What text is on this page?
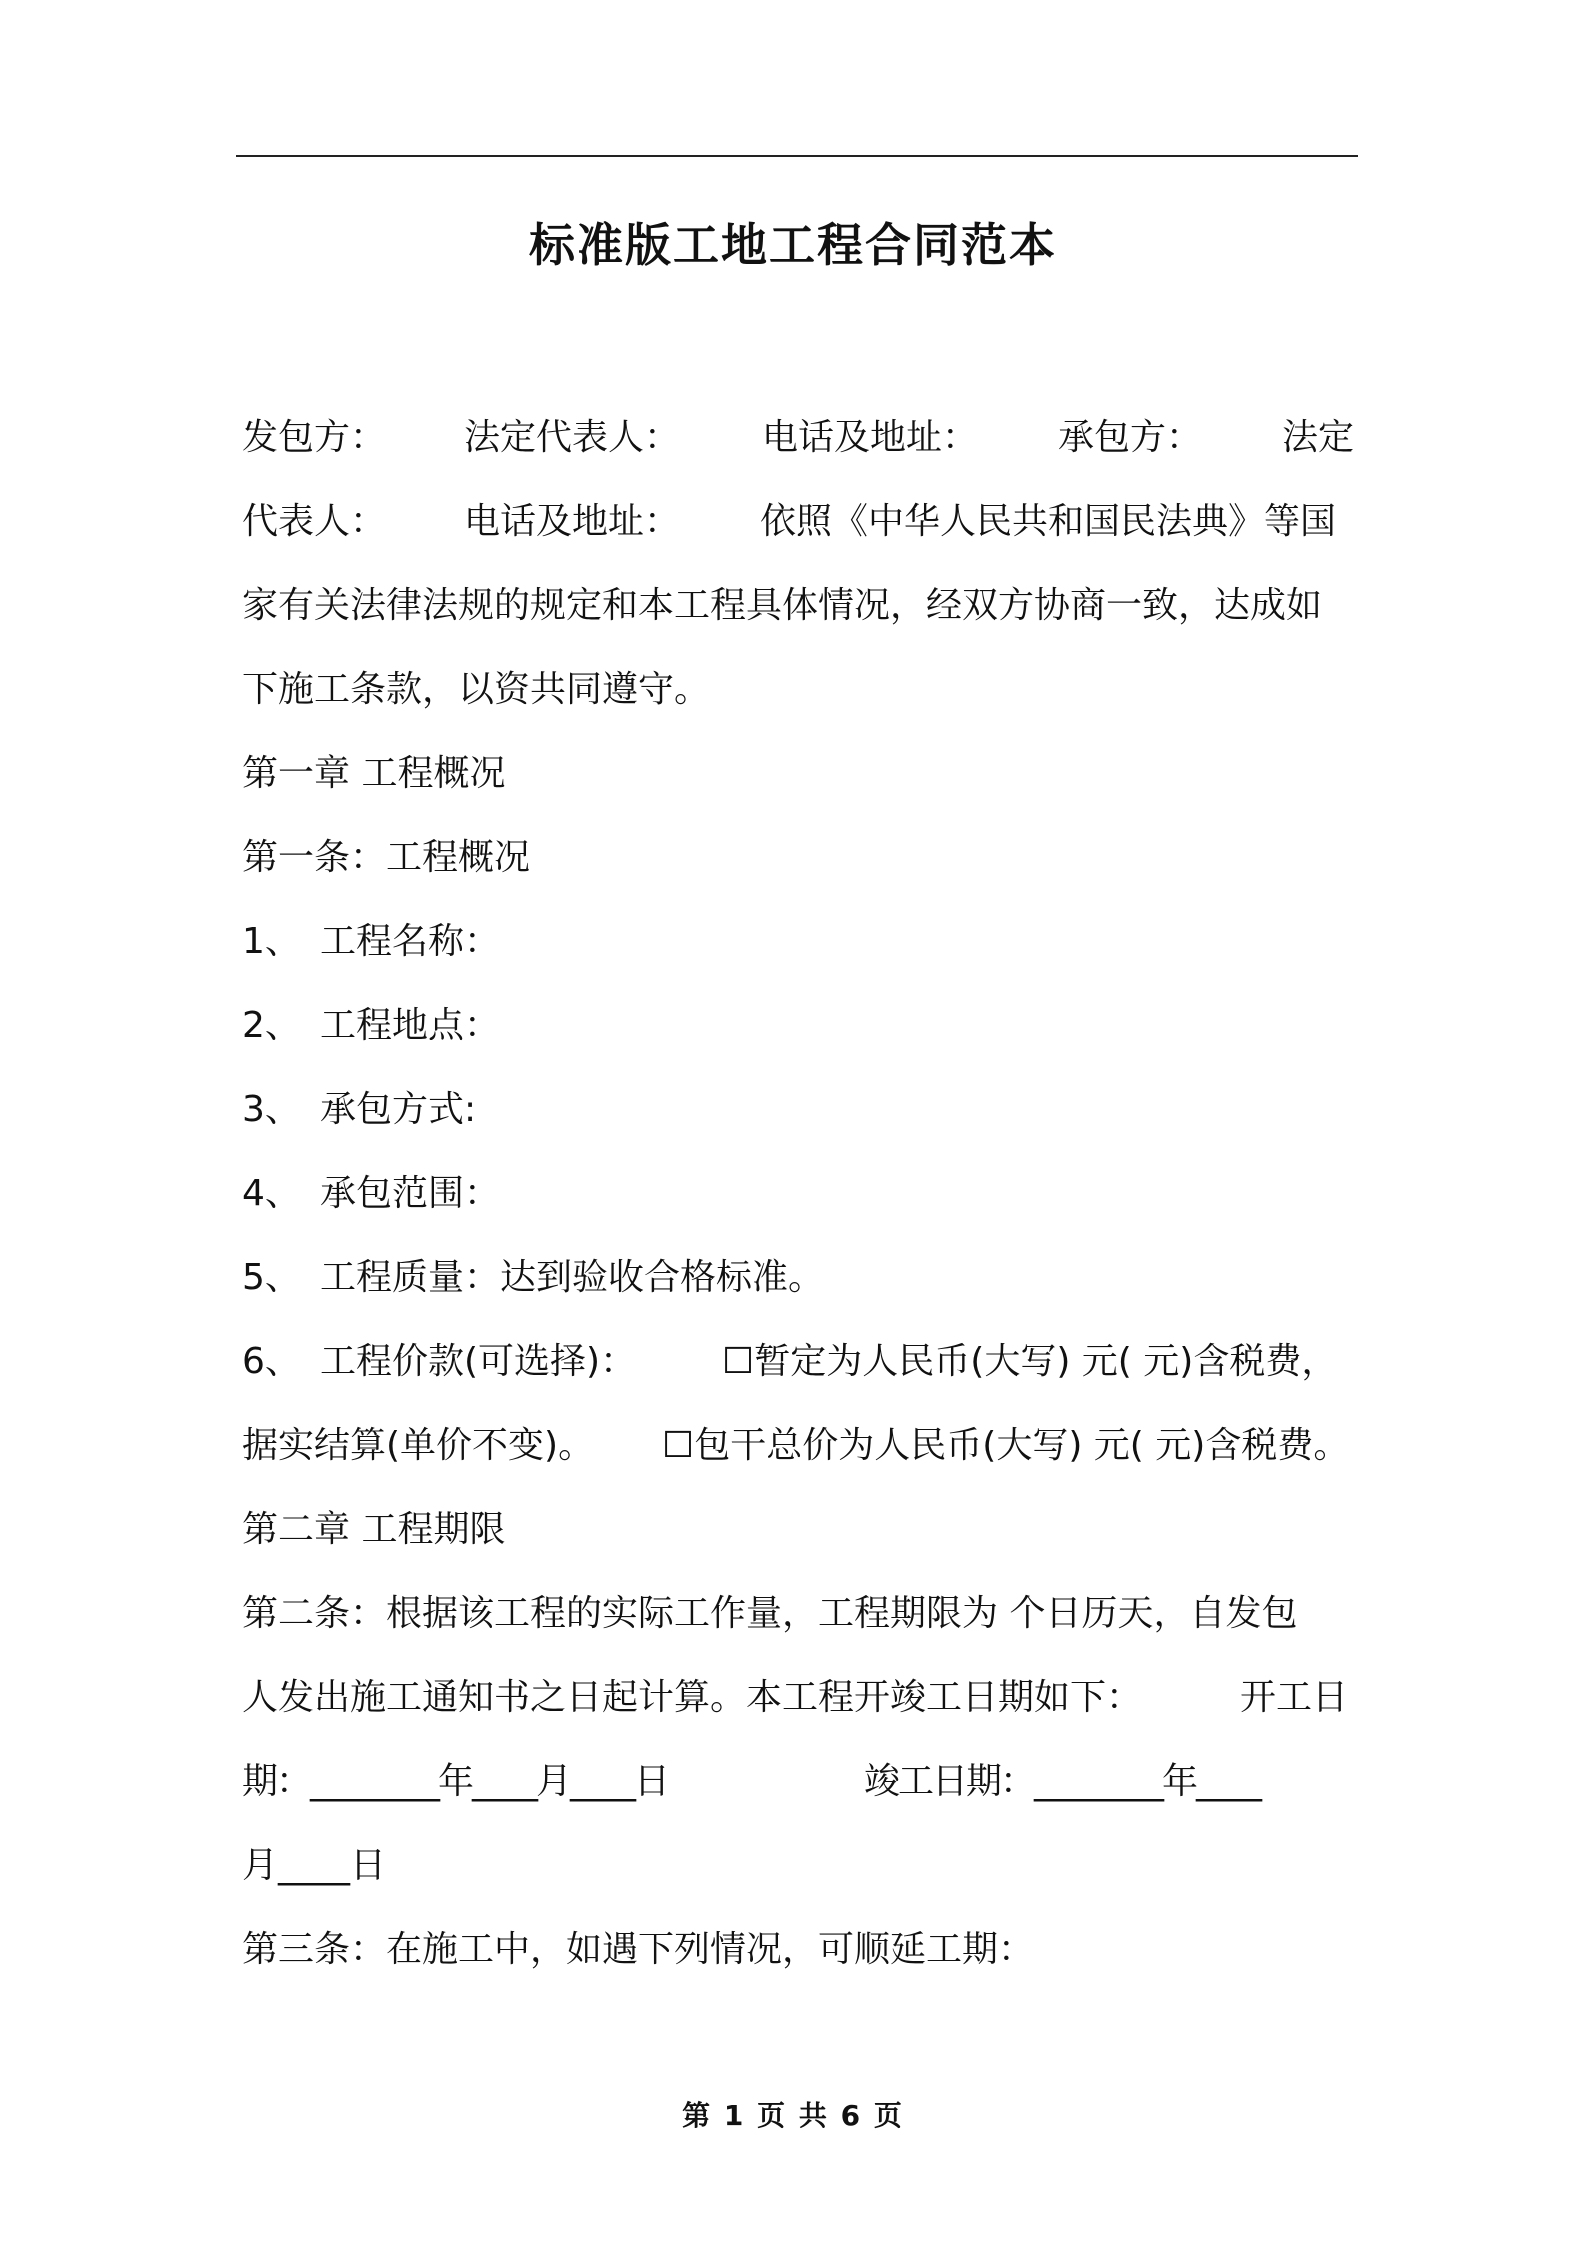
标准版工地工程合同范本
发包方： 法定代表人： 电话及地址： 承包方： 法定
代表人： 电话及地址： 依照《中华人民共和国民法典》等国
家有关法律法规的规定和本工程具体情况，经双方协商一致，达成如
下施工条款，以资共同遵守。
第一章 工程概况
第一条：工程概况
1、 工程名称：
2、 工程地点：
3、 承包方式:
4、 承包范围：
5、 工程质量：达到验收合格标准。
6、 工程价款(可选择)： ☐暂定为人民币(大写) 元( 元)含税费，
据实结算(单价不变)。 ☐包干总价为人民币(大写) 元( 元)含税费。
第二章 工程期限
第二条：根据该工程的实际工作量，工程期限为 个日历天，自发包
人发出施工通知书之日起计算。本工程开竣工日期如下：	开工日
期：________年____月____日	竣工日期：________年____
月____日
第三条：在施工中，如遇下列情况，可顺延工期：
第 1 页 共 6 页
